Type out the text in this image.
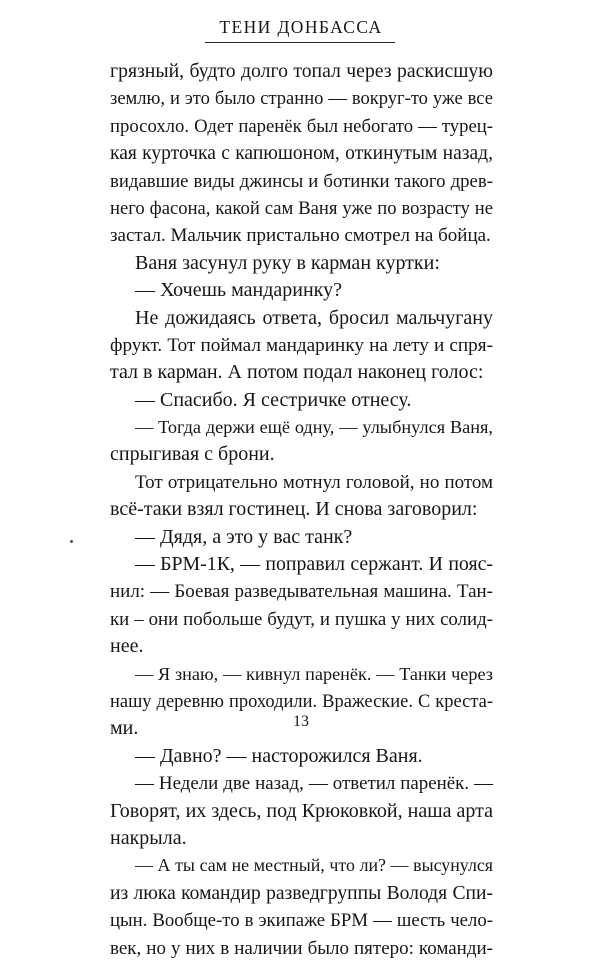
ТЕНИ ДОНБАССА
грязный, будто долго топал через раскисшую
землю, и это было странно — вокруг-то уже все
просохло. Одет паренёк был небогато — турец-
кая курточка с капюшоном, откинутым назад,
видавшие виды джинсы и ботинки такого древ-
него фасона, какой сам Ваня уже по возрасту не
застал. Мальчик пристально смотрел на бойца.
Ваня засунул руку в карман куртки:
— Хочешь мандаринку?
Не дожидаясь ответа, бросил мальчугану
фрукт. Тот поймал мандаринку на лету и спря-
тал в карман. А потом подал наконец голос:
— Спасибо. Я сестричке отнесу.
— Тогда держи ещё одну, — улыбнулся Ваня,
спрыгивая с брони.
Тот отрицательно мотнул головой, но потом
всё-таки взял гостинец. И снова заговорил:
— Дядя, а это у вас танк?
— БРМ-1К, — поправил сержант. И пояс-
нил: — Боевая разведывательная машина. Тан-
ки – они побольше будут, и пушка у них солид-
нее.
— Я знаю, — кивнул паренёк. — Танки через
нашу деревню проходили. Вражеские. С креста-
ми.
— Давно? — насторожился Ваня.
— Недели две назад, — ответил паренёк. —
Говорят, их здесь, под Крюковкой, наша арта
накрыла.
— А ты сам не местный, что ли? — высунулся
из люка командир разведгруппы Володя Спи-
цын. Вообще-то в экипаже БРМ — шесть чело-
век, но у них в наличии было пятеро: команди-
13
